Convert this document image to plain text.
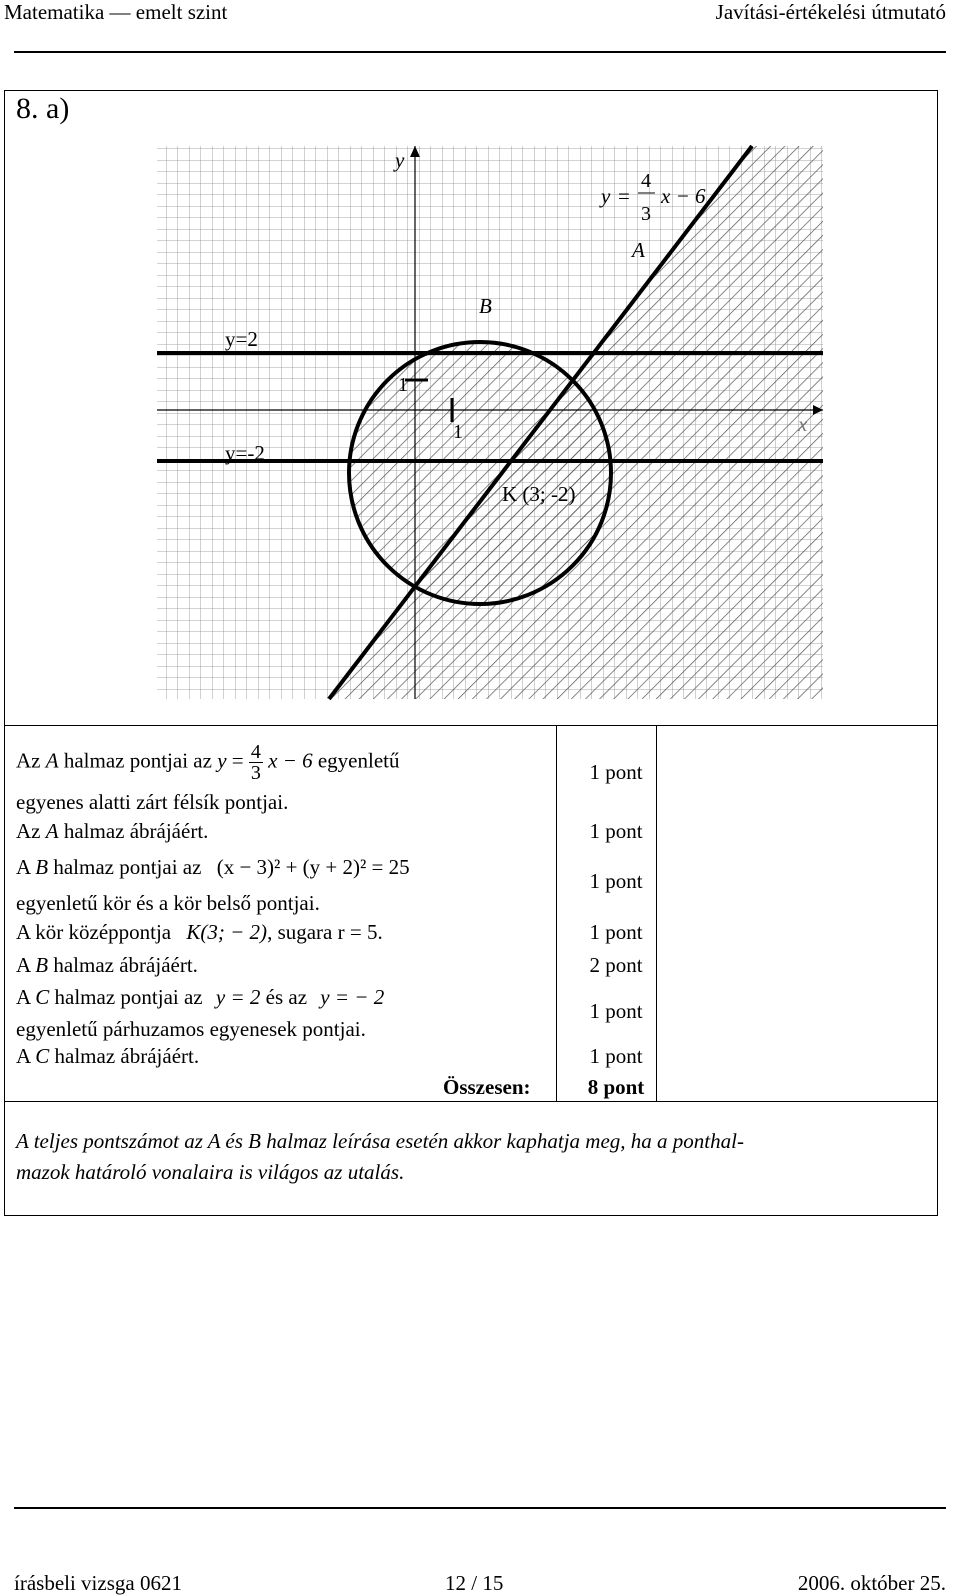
Matematika — emelt szint	Javítási-értékelési útmutató
8. a)
y
x
A
B
y =
4
3
x − 6
y=2
y=-2
1
1
K (3; -2)
Az A halmaz pontjai az $y = \frac{4}{3}$ x − 6 egyenletű
egyenes alatti zárt félsík pontjai.
1 pont
Az A halmaz ábrájáért.	1 pont
A B halmaz pontjai az (x − 3)² + (y + 2)² = 25
egyenletű kör és a kör belső pontjai.
1 pont
A kör középpontja K(3; − 2), sugara r = 5.	1 pont
A B halmaz ábrájáért.	2 pont
A C halmaz pontjai az y = 2 és az y = − 2
egyenletű párhuzamos egyenesek pontjai.
1 pont
A C halmaz ábrájáért.	1 pont
Összesen:	8 pont
A teljes pontszámot az A és B halmaz leírása esetén akkor kaphatja meg, ha a ponthal-
mazok határoló vonalaira is világos az utalás.
írásbeli vizsga 0621	12 / 15	2006. október 25.
